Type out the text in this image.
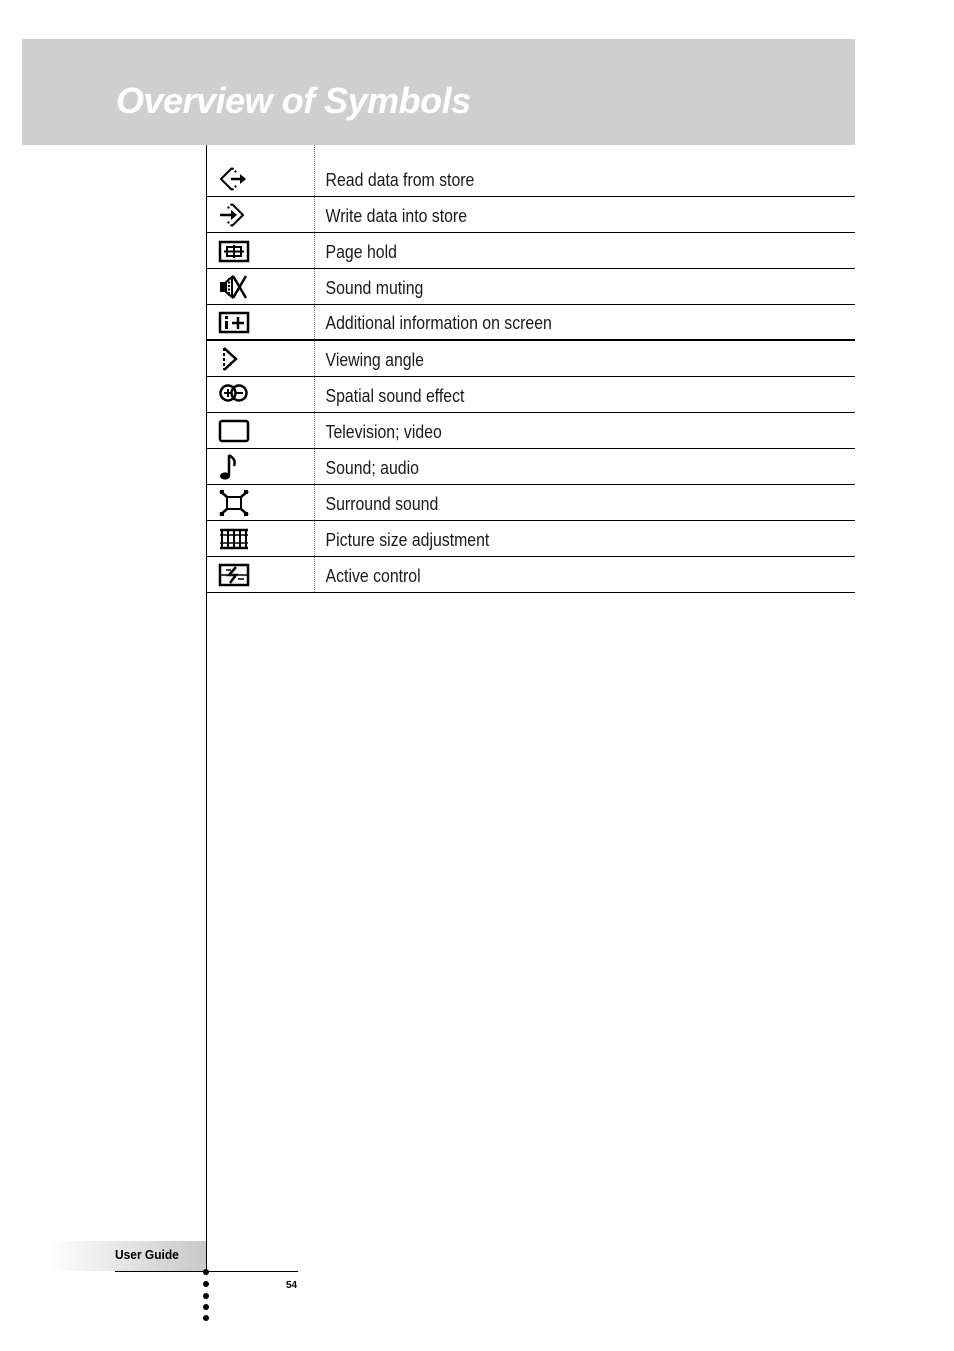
Overview of Symbols
Read data from store
Write data into store
Page hold
Sound muting
Additional information on screen
Viewing angle
Spatial sound effect
Television; video
Sound; audio
Surround sound
Picture size adjustment
Active control
User Guide
54
